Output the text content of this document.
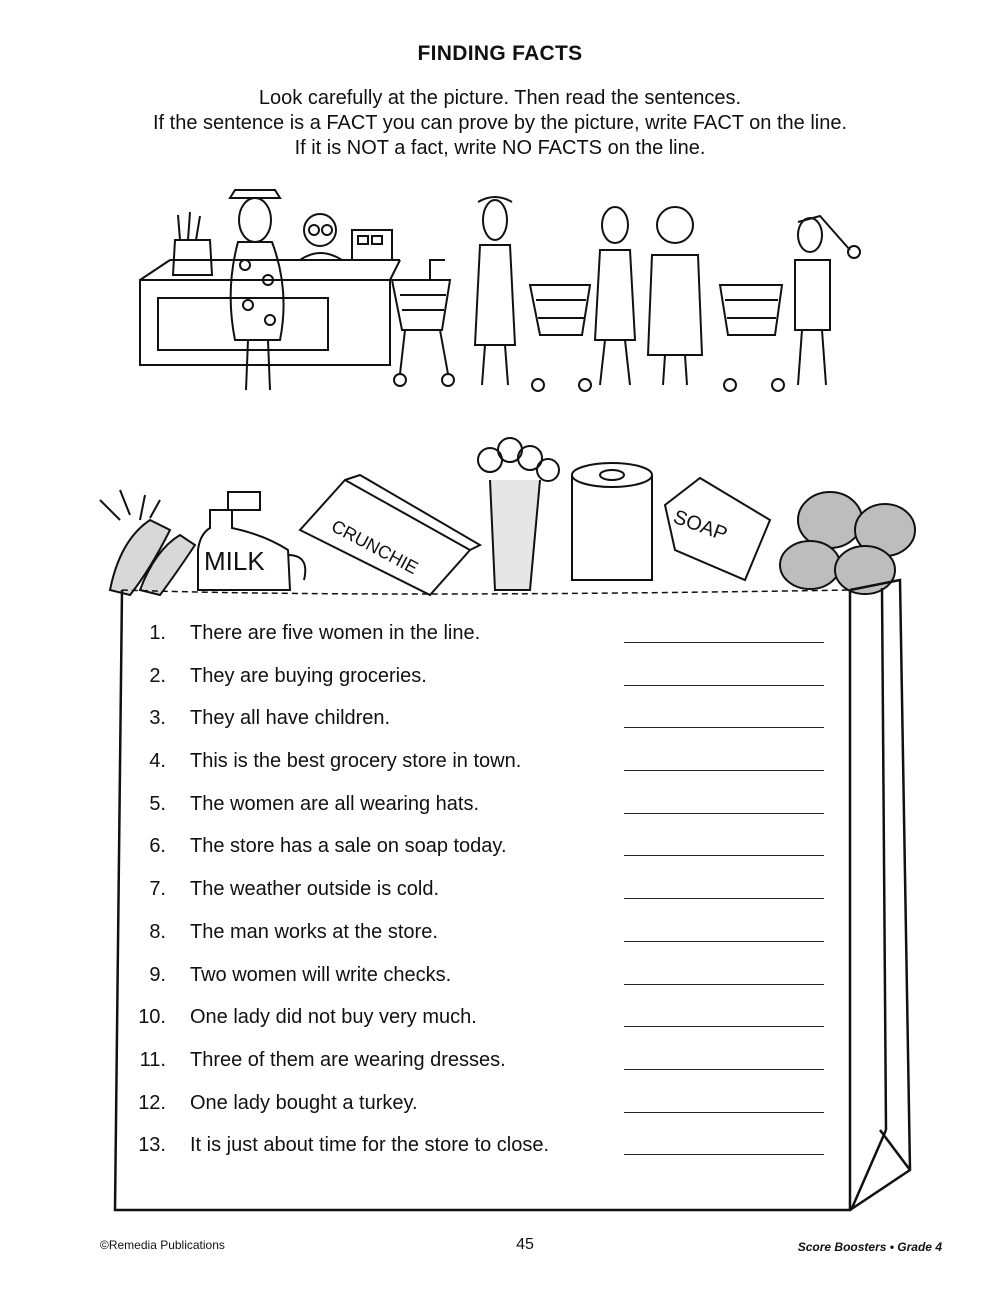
FINDING FACTS
Look carefully at the picture. Then read the sentences.
If the sentence is a FACT you can prove by the picture, write FACT on the line.
If it is NOT a fact, write NO FACTS on the line.
MILK	CRUNCHIE	SOAP
1. There are five women in the line.
2. They are buying groceries.
3. They all have children.
4. This is the best grocery store in town.
5. The women are all wearing hats.
6. The store has a sale on soap today.
7. The weather outside is cold.
8. The man works at the store.
9. Two women will write checks.
10. One lady did not buy very much.
11. Three of them are wearing dresses.
12. One lady bought a turkey.
13. It is just about time for the store to close.
©Remedia Publications	45	Score Boosters • Grade 4
